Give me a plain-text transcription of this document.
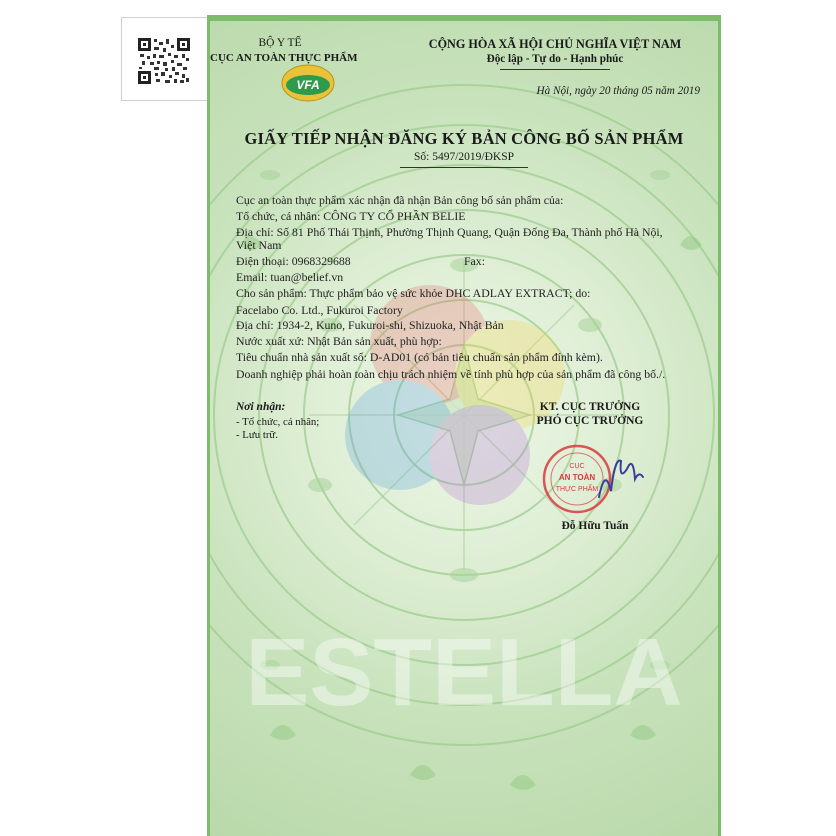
ESTELLA
BỘ Y TẾ
CỤC AN TOÀN THỰC PHẨM
VFA
CỘNG HÒA XÃ HỘI CHỦ NGHĨA VIỆT NAM
Độc lập - Tự do - Hạnh phúc
Hà Nội, ngày 20 tháng 05 năm 2019
GIẤY TIẾP NHẬN ĐĂNG KÝ BẢN CÔNG BỐ SẢN PHẨM
Số: 5497/2019/ĐKSP
Cục an toàn thực phẩm xác nhận đã nhận Bản công bố sản phẩm của:
Tổ chức, cá nhân: CÔNG TY CỔ PHẦN BELIE
Địa chỉ: Số 81 Phố Thái Thịnh, Phường Thịnh Quang, Quận Đống Đa, Thành phố Hà Nội,
Việt Nam
Điện thoại: 0968329688	Fax:
Email: tuan@belief.vn
Cho sản phẩm: Thực phẩm bảo vệ sức khỏe DHC ADLAY EXTRACT; do:
Facelabo Co. Ltd., Fukuroi Factory
Địa chỉ: 1934-2, Kuno, Fukuroi-shi, Shizuoka, Nhật Bản
Nước xuất xứ: Nhật Bản sản xuất, phù hợp:
Tiêu chuẩn nhà sản xuất số: D-AD01 (có bản tiêu chuẩn sản phẩm đính kèm).
Doanh nghiệp phải hoàn toàn chịu trách nhiệm về tính phù hợp của sản phẩm đã công bố./.
Nơi nhận:
- Tổ chức, cá nhân;
- Lưu trữ.
KT. CỤC TRƯỞNG
PHÓ CỤC TRƯỞNG
CỤC
AN TOÀN
THỰC PHẨM
Đỗ Hữu Tuấn
